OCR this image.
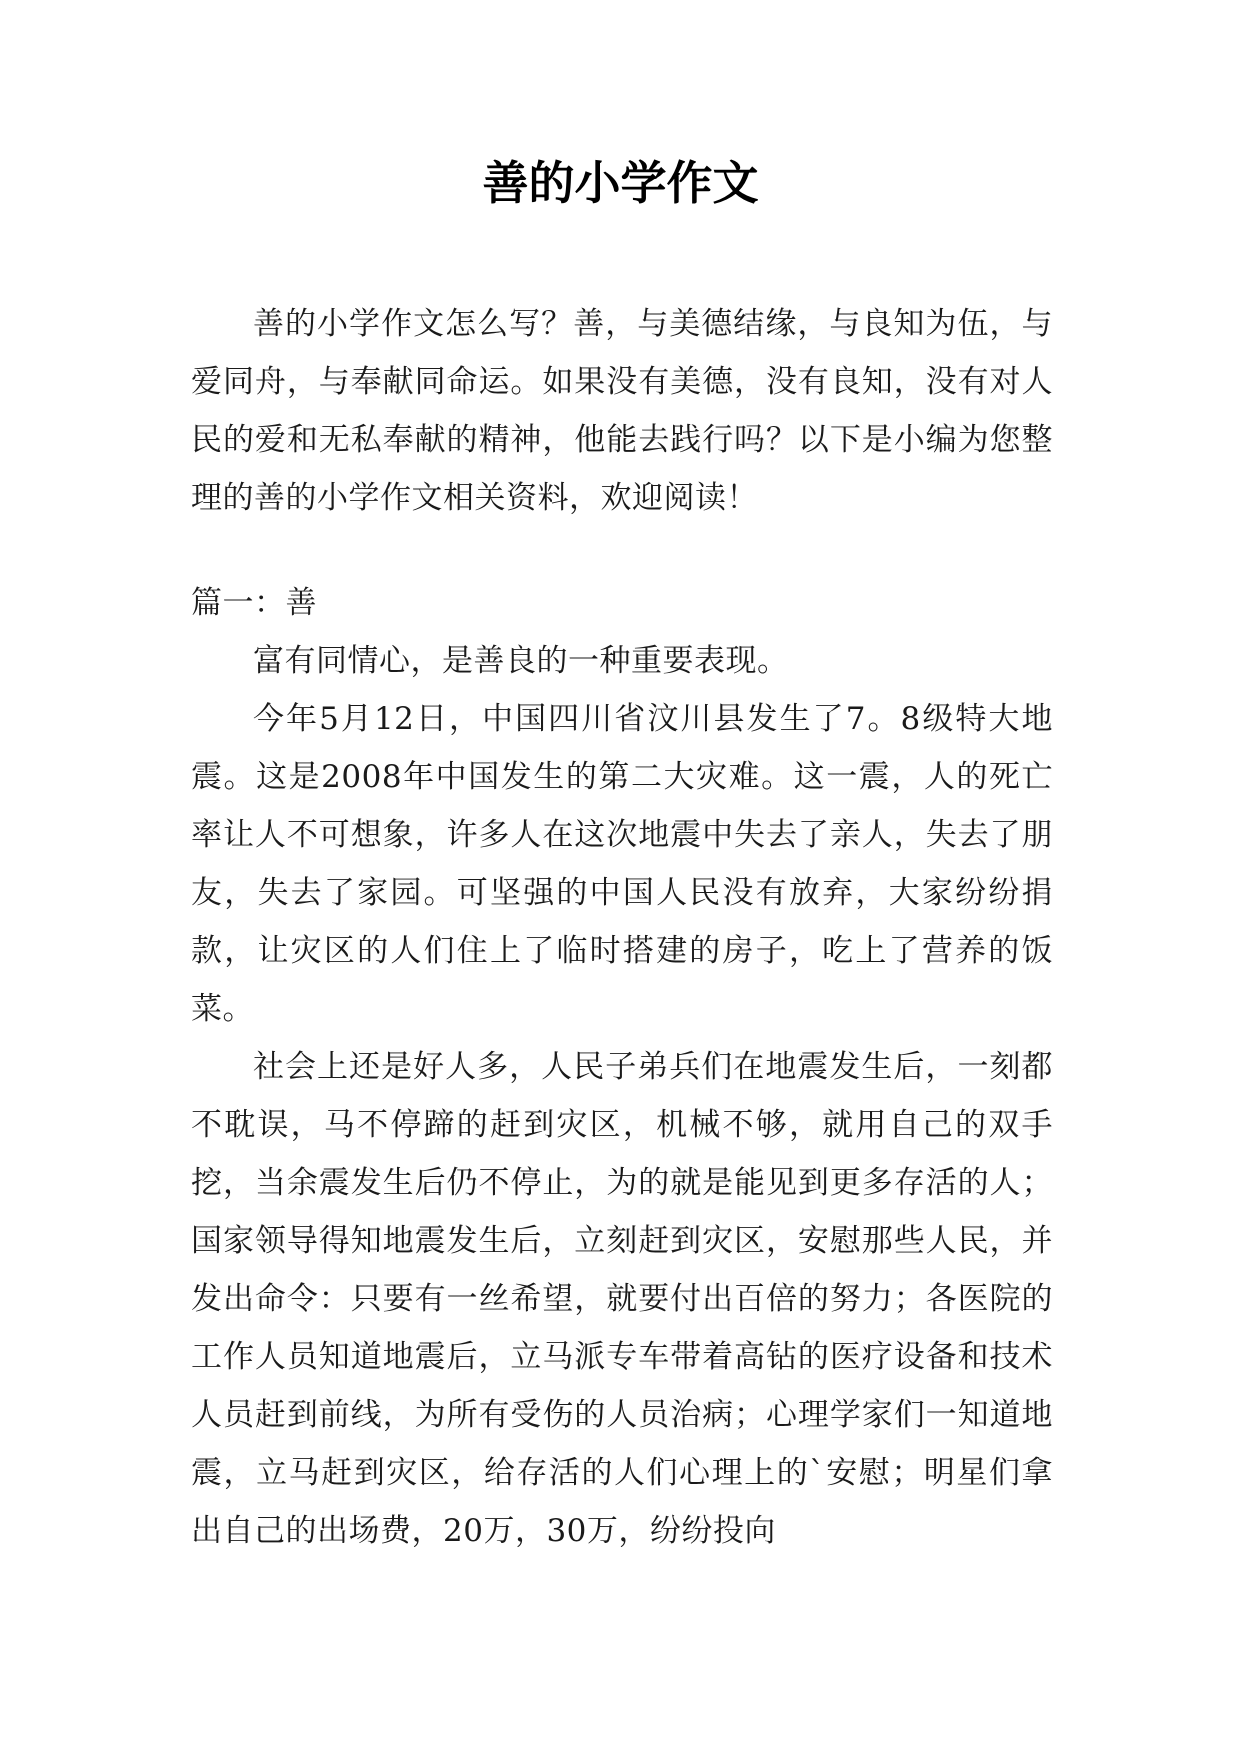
善的小学作文

善的小学作文怎么写？善，与美德结缘，与良知为伍，与爱同舟，与奉献同命运。如果没有美德，没有良知，没有对人民的爱和无私奉献的精神，他能去践行吗？以下是小编为您整理的善的小学作文相关资料，欢迎阅读！

篇一：善

富有同情心，是善良的一种重要表现。

今年5月12日，中国四川省汶川县发生了7。8级特大地震。这是2008年中国发生的第二大灾难。这一震，人的死亡率让人不可想象，许多人在这次地震中失去了亲人，失去了朋友，失去了家园。可坚强的中国人民没有放弃，大家纷纷捐款，让灾区的人们住上了临时搭建的房子，吃上了营养的饭菜。

社会上还是好人多，人民子弟兵们在地震发生后，一刻都不耽误，马不停蹄的赶到灾区，机械不够，就用自己的双手挖，当余震发生后仍不停止，为的就是能见到更多存活的人；国家领导得知地震发生后，立刻赶到灾区，安慰那些人民，并发出命令：只要有一丝希望，就要付出百倍的努力；各医院的工作人员知道地震后，立马派专车带着高钻的医疗设备和技术人员赶到前线，为所有受伤的人员治病；心理学家们一知道地震，立马赶到灾区，给存活的人们心理上的`安慰；明星们拿出自己的出场费，20万，30万，纷纷投向
